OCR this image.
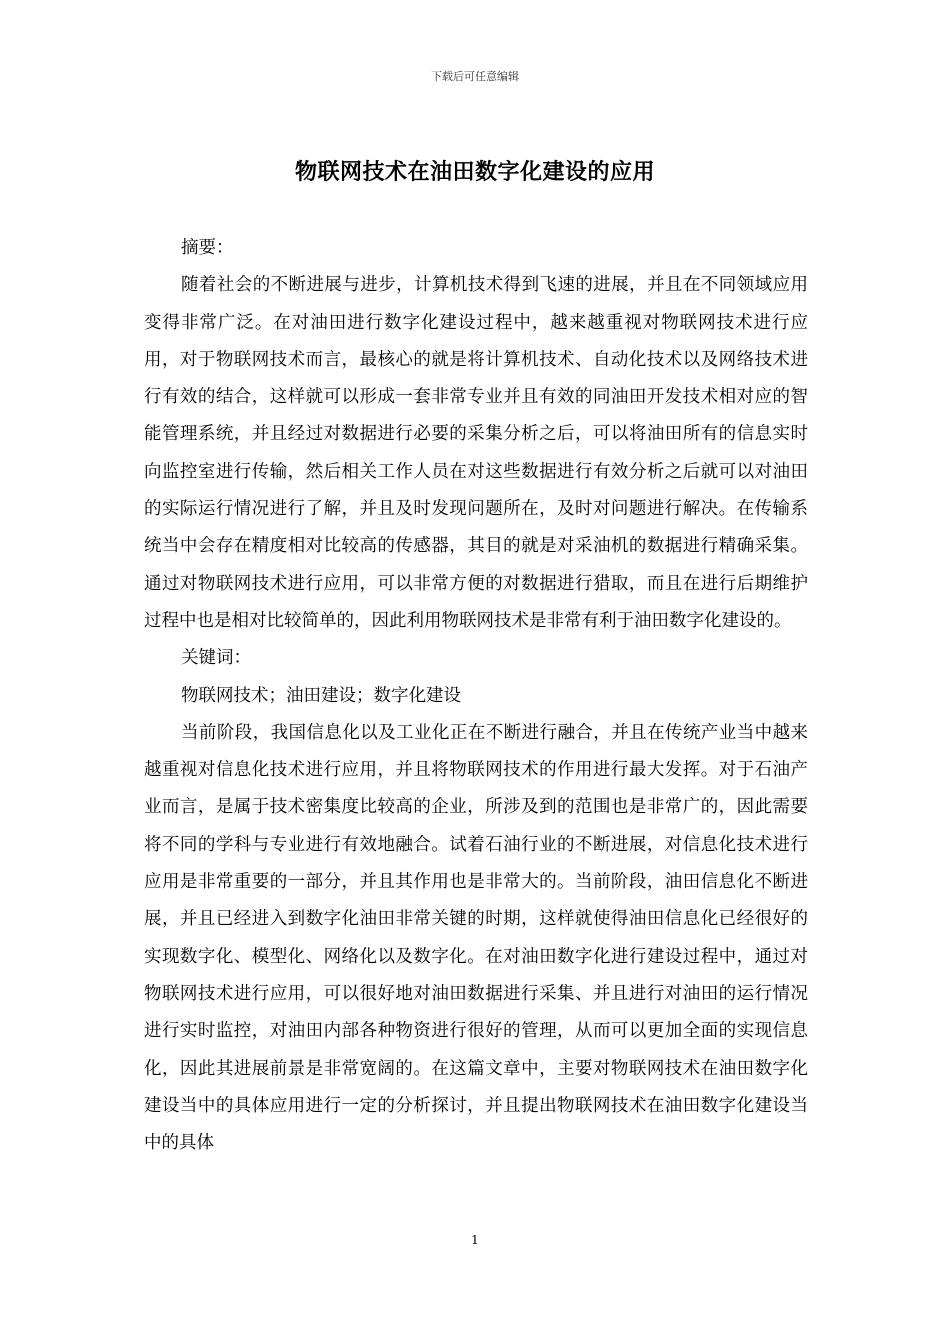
下载后可任意编辑
物联网技术在油田数字化建设的应用

摘要：

随着社会的不断进展与进步，计算机技术得到飞速的进展，并且在不同领域应用变得非常广泛。在对油田进行数字化建设过程中，越来越重视对物联网技术进行应用，对于物联网技术而言，最核心的就是将计算机技术、自动化技术以及网络技术进行有效的结合，这样就可以形成一套非常专业并且有效的同油田开发技术相对应的智能管理系统，并且经过对数据进行必要的采集分析之后，可以将油田所有的信息实时向监控室进行传输，然后相关工作人员在对这些数据进行有效分析之后就可以对油田的实际运行情况进行了解，并且及时发现问题所在，及时对问题进行解决。在传输系统当中会存在精度相对比较高的传感器，其目的就是对采油机的数据进行精确采集。通过对物联网技术进行应用，可以非常方便的对数据进行猎取，而且在进行后期维护过程中也是相对比较简单的，因此利用物联网技术是非常有利于油田数字化建设的。

关键词：

物联网技术；油田建设；数字化建设

当前阶段，我国信息化以及工业化正在不断进行融合，并且在传统产业当中越来越重视对信息化技术进行应用，并且将物联网技术的作用进行最大发挥。对于石油产业而言，是属于技术密集度比较高的企业，所涉及到的范围也是非常广的，因此需要将不同的学科与专业进行有效地融合。试着石油行业的不断进展，对信息化技术进行应用是非常重要的一部分，并且其作用也是非常大的。当前阶段，油田信息化不断进展，并且已经进入到数字化油田非常关键的时期，这样就使得油田信息化已经很好的实现数字化、模型化、网络化以及数字化。在对油田数字化进行建设过程中，通过对物联网技术进行应用，可以很好地对油田数据进行采集、并且进行对油田的运行情况进行实时监控，对油田内部各种物资进行很好的管理，从而可以更加全面的实现信息化，因此其进展前景是非常宽阔的。在这篇文章中，主要对物联网技术在油田数字化建设当中的具体应用进行一定的分析探讨，并且提出物联网技术在油田数字化建设当中的具体

1
